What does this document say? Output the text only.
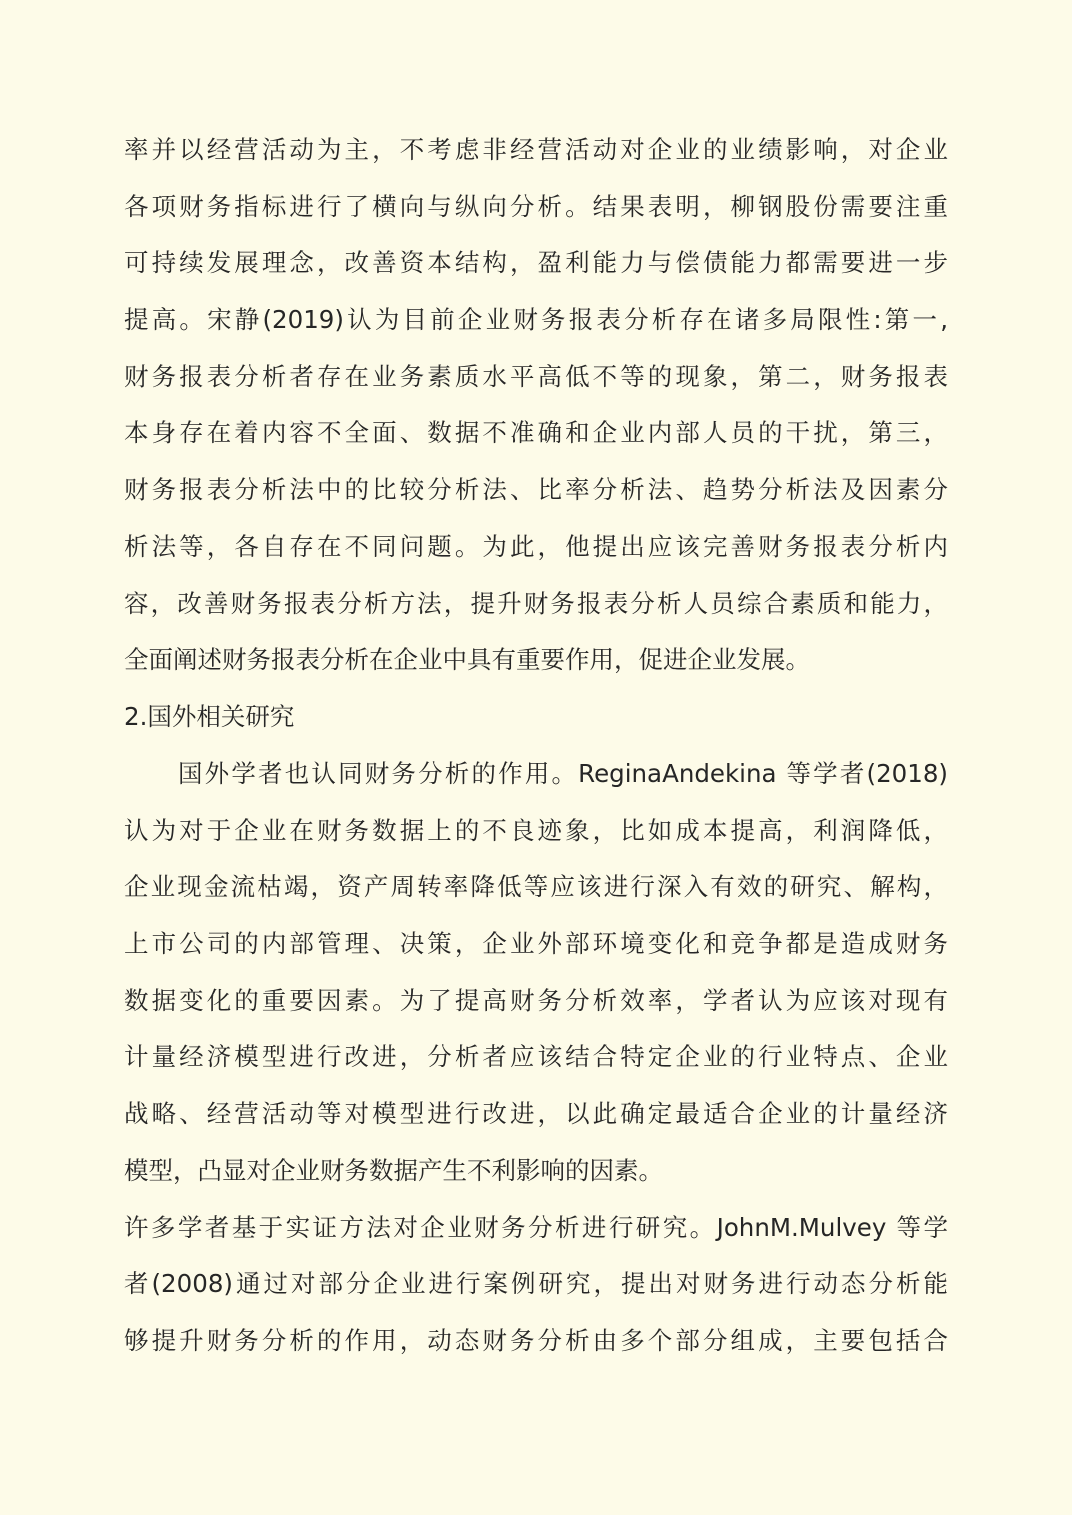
率并以经营活动为主，不考虑非经营活动对企业的业绩影响，对企业
各项财务指标进行了横向与纵向分析。结果表明，柳钢股份需要注重
可持续发展理念，改善资本结构，盈利能力与偿债能力都需要进一步
提高。宋静(2019)认为目前企业财务报表分析存在诸多局限性:第一,
财务报表分析者存在业务素质水平高低不等的现象，第二，财务报表
本身存在着内容不全面、数据不准确和企业内部人员的干扰，第三，
财务报表分析法中的比较分析法、比率分析法、趋势分析法及因素分
析法等，各自存在不同问题。为此，他提出应该完善财务报表分析内
容，改善财务报表分析方法，提升财务报表分析人员综合素质和能力，
全面阐述财务报表分析在企业中具有重要作用，促进企业发展。
2.国外相关研究
国外学者也认同财务分析的作用。ReginaAndekina 等学者(2018)
认为对于企业在财务数据上的不良迹象，比如成本提高，利润降低，
企业现金流枯竭，资产周转率降低等应该进行深入有效的研究、解构，
上市公司的内部管理、决策，企业外部环境变化和竞争都是造成财务
数据变化的重要因素。为了提高财务分析效率，学者认为应该对现有
计量经济模型进行改进，分析者应该结合特定企业的行业特点、企业
战略、经营活动等对模型进行改进，以此确定最适合企业的计量经济
模型，凸显对企业财务数据产生不利影响的因素。
许多学者基于实证方法对企业财务分析进行研究。JohnM.Mulvey 等学
者(2008)通过对部分企业进行案例研究，提出对财务进行动态分析能
够提升财务分析的作用，动态财务分析由多个部分组成，主要包括合
